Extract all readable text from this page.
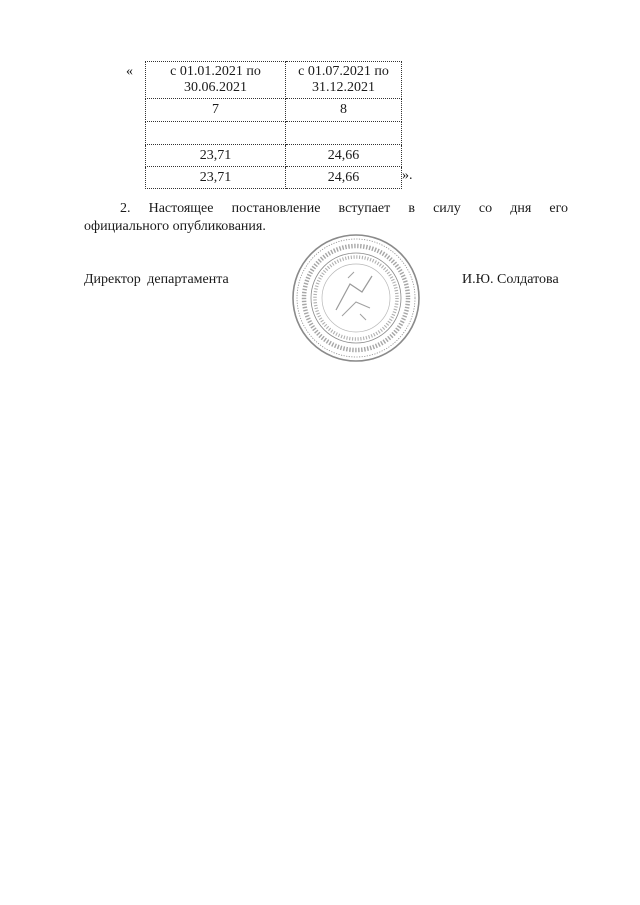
«	с 01.01.2021 по 30.06.2021	с 01.07.2021 по 31.12.2021
7	8

23,71	24,66
23,71	24,66	».
2. Настоящее постановление вступает в силу со дня его
официального опубликования.
Директор департамента	И.Ю. Солдатова
